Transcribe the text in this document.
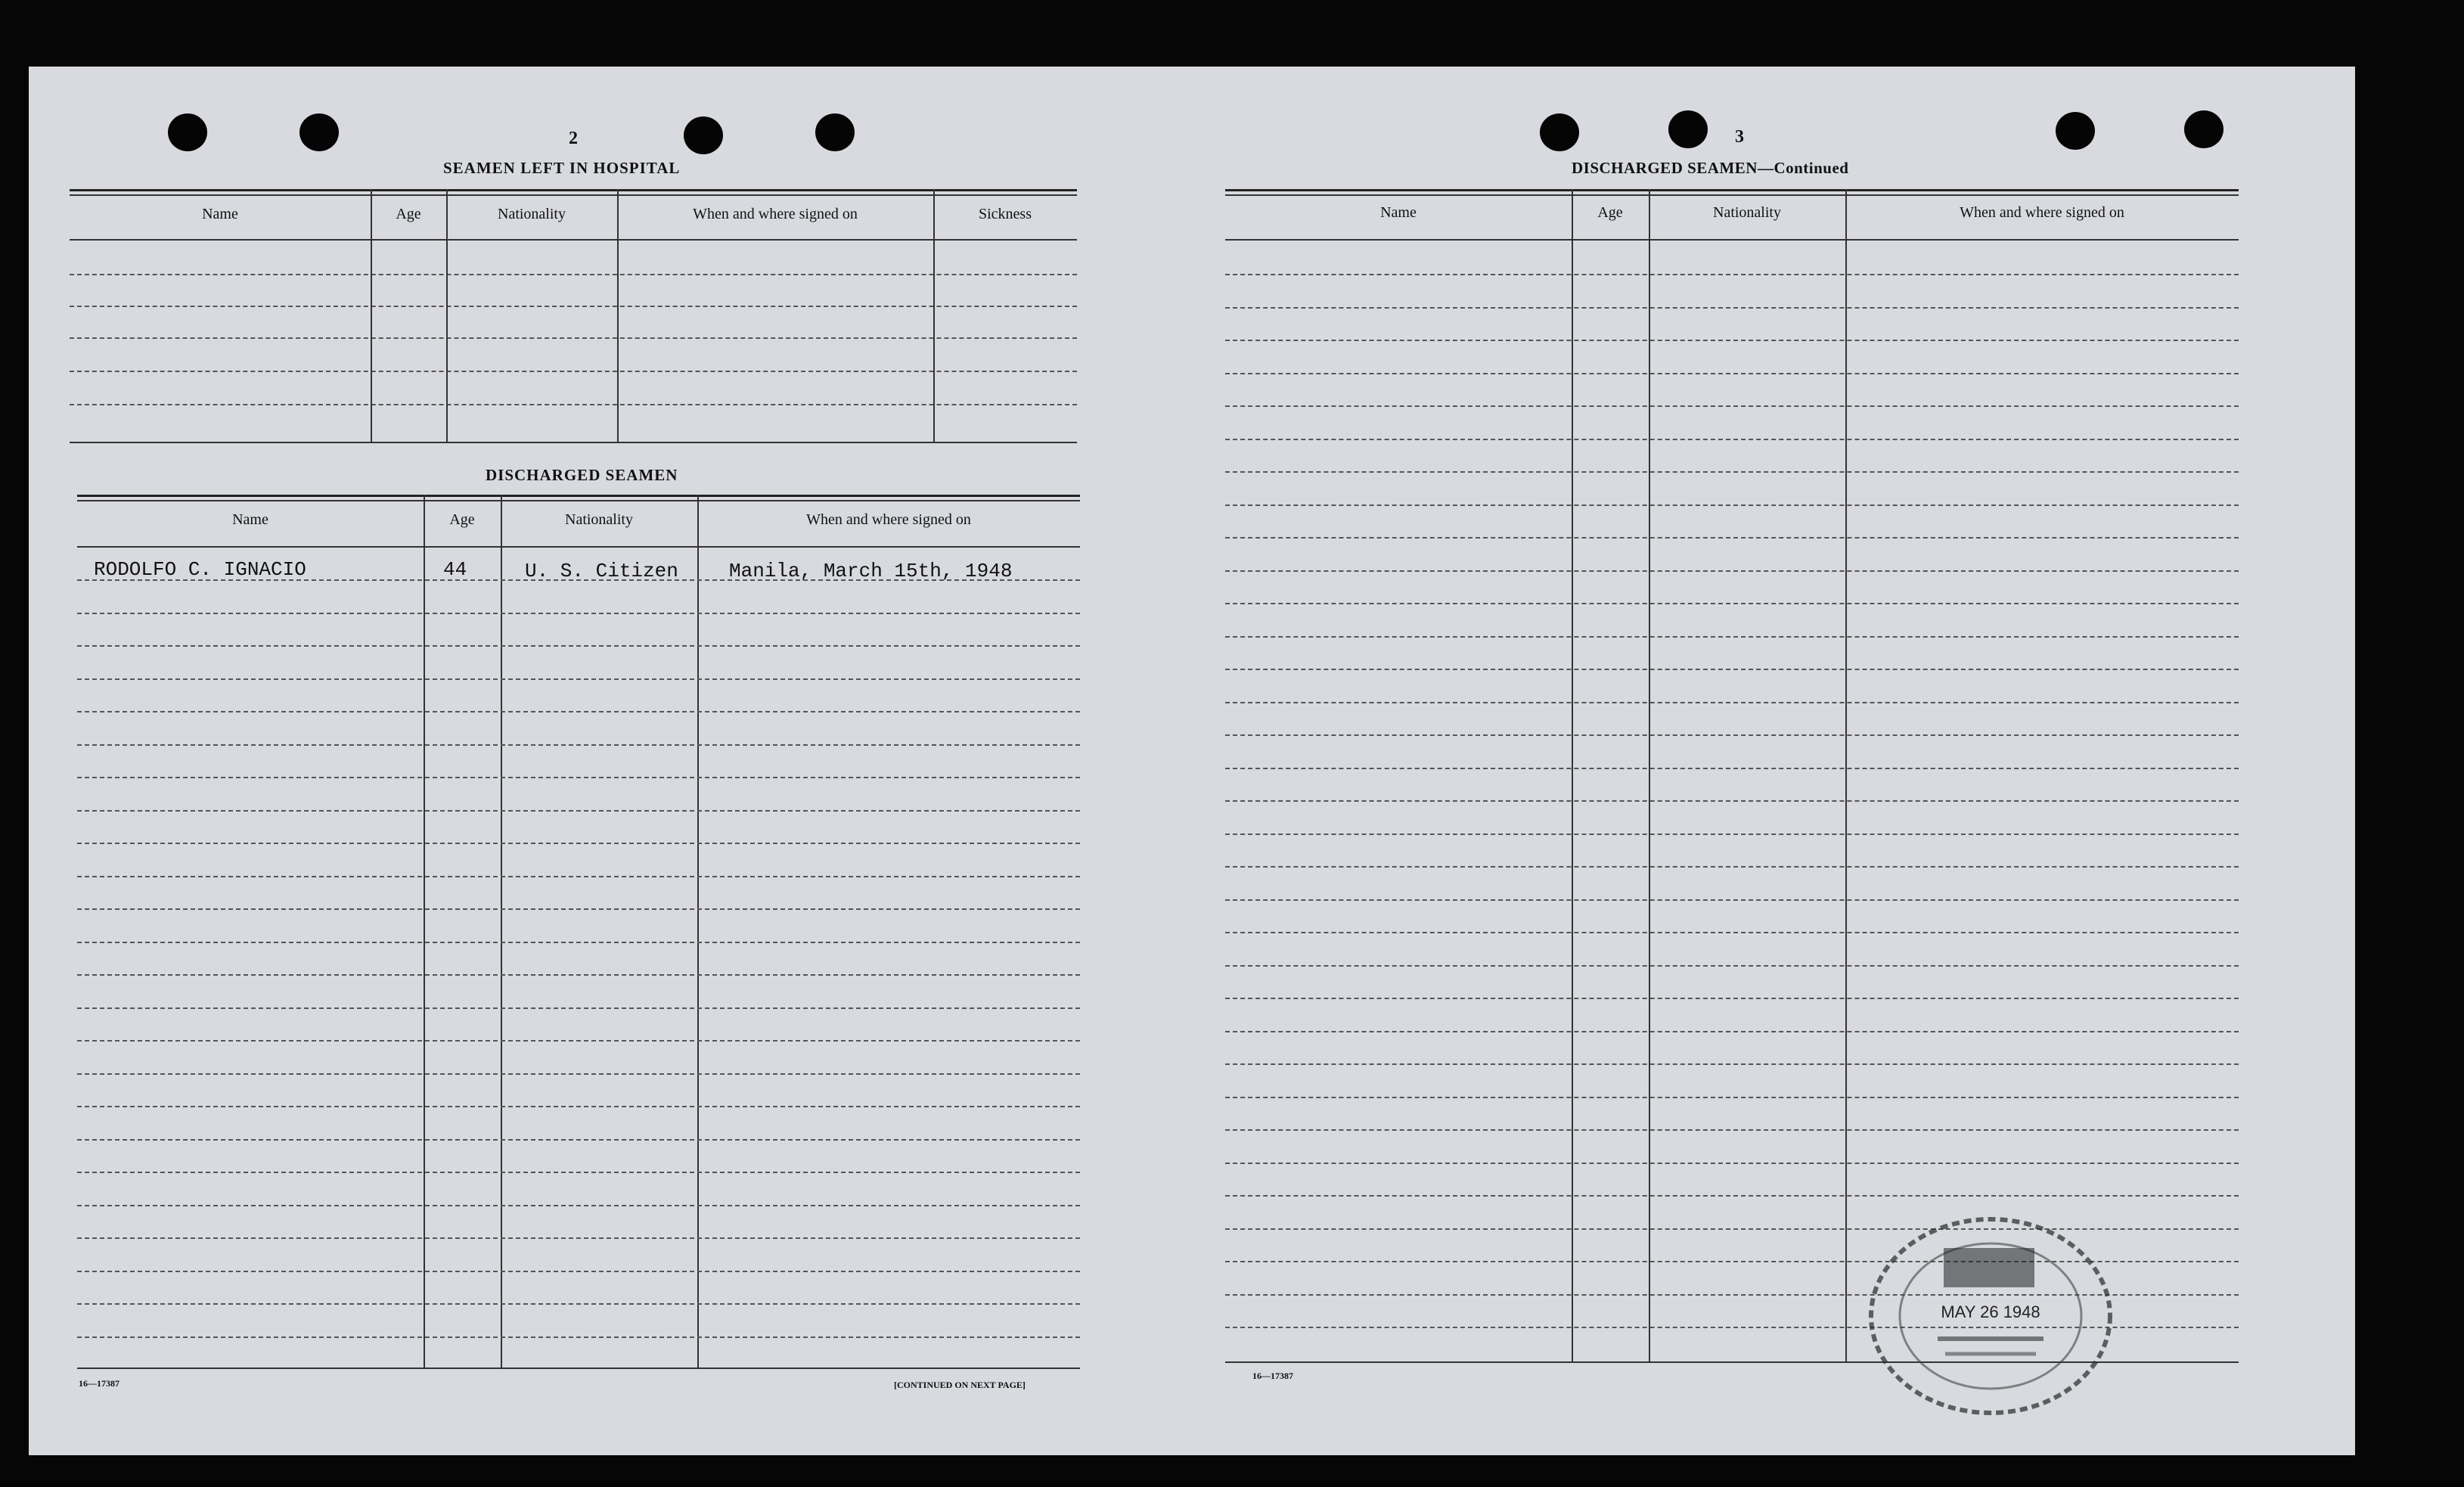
2
SEAMEN LEFT IN HOSPITAL
Name	Age	Nationality	When and where signed on	Sickness
DISCHARGED SEAMEN
Name	Age	Nationality	When and where signed on
RODOLFO C. IGNACIO	44	U. S. Citizen	Manila, March 15th, 1948
16—17387	[CONTINUED ON NEXT PAGE]
3
DISCHARGED SEAMEN—Continued
Name	Age	Nationality	When and where signed on
16—17387
MAY 26 1948
